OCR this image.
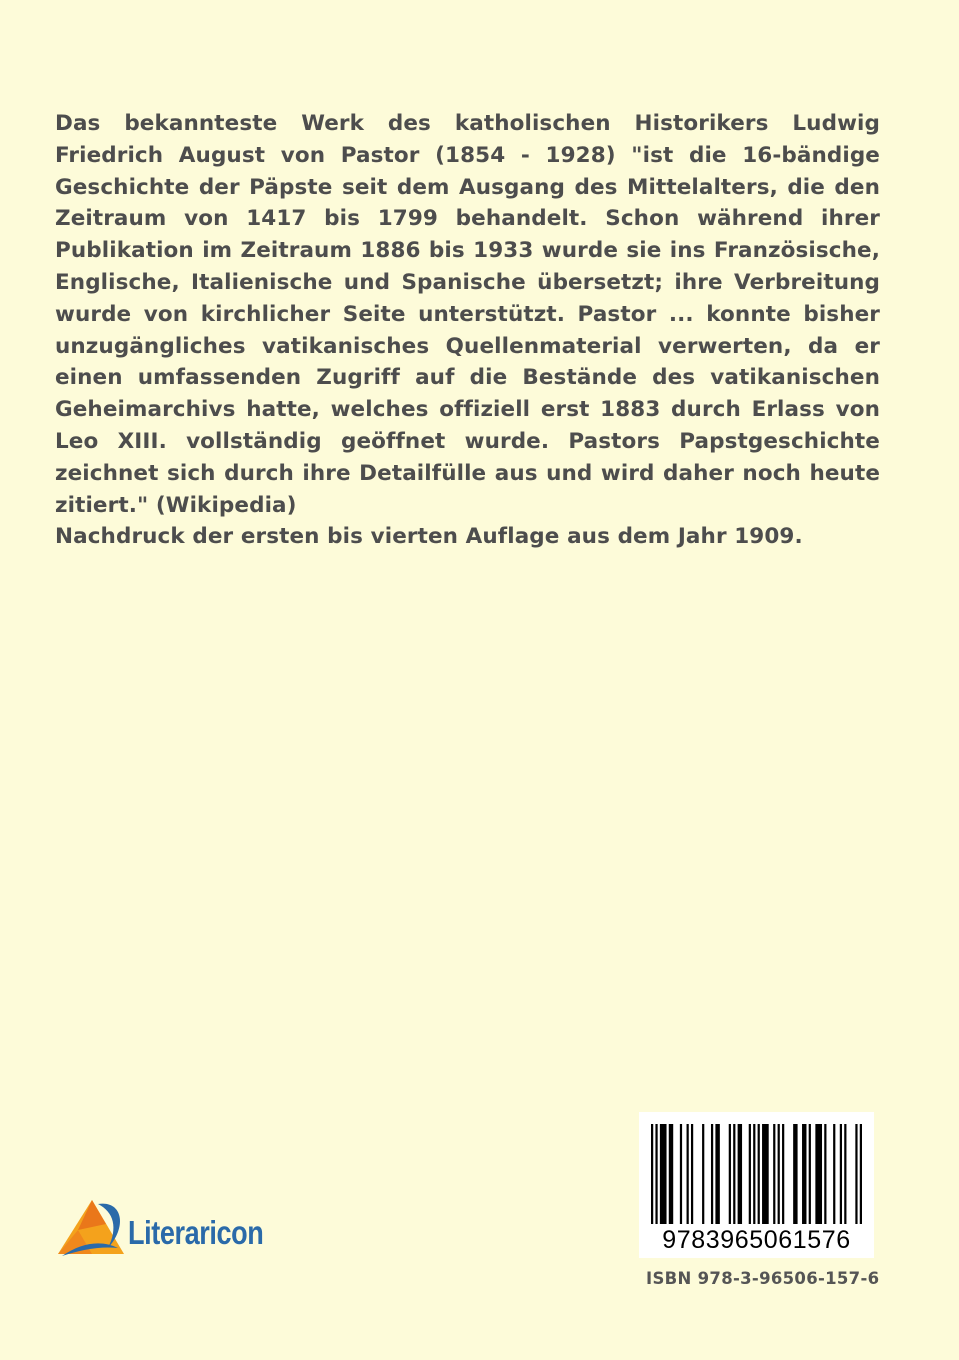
Das bekannteste Werk des katholischen Historikers Ludwig Friedrich August von Pastor (1854 - 1928) "ist die 16-bändige Geschichte der Päpste seit dem Ausgang des Mittelalters, die den Zeitraum von 1417 bis 1799 behandelt. Schon während ihrer Publikation im Zeitraum 1886 bis 1933 wurde sie ins Französische, Englische, Italienische und Spanische übersetzt; ihre Verbreitung wurde von kirchlicher Seite unterstützt. Pastor ... konnte bisher unzugängliches vatikanisches Quellenmaterial verwerten, da er einen umfassenden Zugriff auf die Bestände des vatikanischen Geheimarchivs hatte, welches offiziell erst 1883 durch Erlass von Leo XIII. vollständig geöffnet wurde. Pastors Papstgeschichte zeichnet sich durch ihre Detailfülle aus und wird daher noch heute zitiert." (Wikipedia)

Nachdruck der ersten bis vierten Auflage aus dem Jahr 1909.

Literaricon	9783965061576
ISBN 978-3-96506-157-6
